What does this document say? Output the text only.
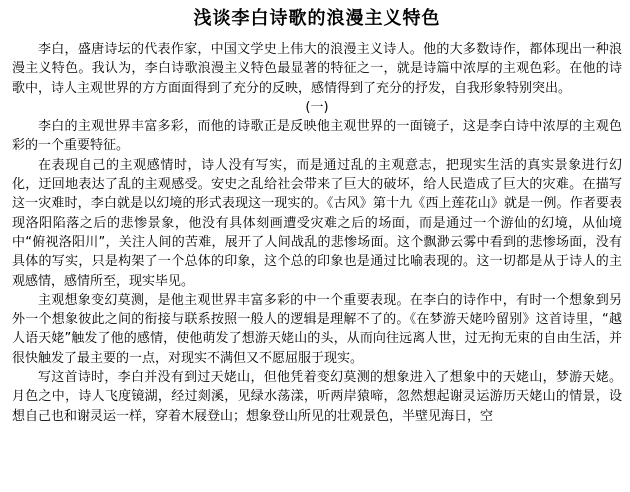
浅谈李白诗歌的浪漫主义特色

李白，盛唐诗坛的代表作家，中国文学史上伟大的浪漫主义诗人。他的大多数诗作，都体现出一种浪漫主义特色。我认为，李白诗歌浪漫主义特色最显著的特征之一，就是诗篇中浓厚的主观色彩。在他的诗歌中，诗人主观世界的方方面面得到了充分的反映，感情得到了充分的抒发，自我形象特别突出。

(一)

李白的主观世界丰富多彩，而他的诗歌正是反映他主观世界的一面镜子，这是李白诗中浓厚的主观色彩的一个重要特征。

在表现自己的主观感情时，诗人没有写实，而是通过乱的主观意志，把现实生活的真实景象进行幻化，迂回地表达了乱的主观感受。安史之乱给社会带来了巨大的破坏，给人民造成了巨大的灾难。在描写这一灾难时，李白就是以幻境的形式表现这一现实的。《古风》第十九《西上莲花山》就是一例。作者要表现洛阳陷落之后的悲惨景象，他没有具体刻画遭受灾难之后的场面，而是通过一个游仙的幻境，从仙境中“俯视洛阳川”，关注人间的苦难，展开了人间战乱的悲惨场面。这个飘渺云雾中看到的悲惨场面，没有具体的写实，只是构架了一个总体的印象，这个总的印象也是通过比喻表现的。这一切都是从于诗人的主观感情，感情所至，现实毕见。

主观想象变幻莫测，是他主观世界丰富多彩的中一个重要表现。在李白的诗作中，有时一个想象到另外一个想象彼此之间的衔接与联系按照一般人的逻辑是理解不了的。《在梦游天姥吟留别》这首诗里，“越人语天姥”触发了他的感情，使他萌发了想游天姥山的头，从而向往远离人世，过无拘无束的自由生活，并很快触发了最主要的一点，对现实不满但又不愿屈服于现实。

写这首诗时，李白并没有到过天姥山，但他凭着变幻莫测的想象进入了想象中的天姥山，梦游天姥。月色之中，诗人飞度镜湖，经过剡溪，见绿水荡漾，听两岸猿啼，忽然想起谢灵运游历天姥山的情景，设想自己也和谢灵运一样，穿着木屐登山；想象登山所见的壮观景色，半壁见海日，空
